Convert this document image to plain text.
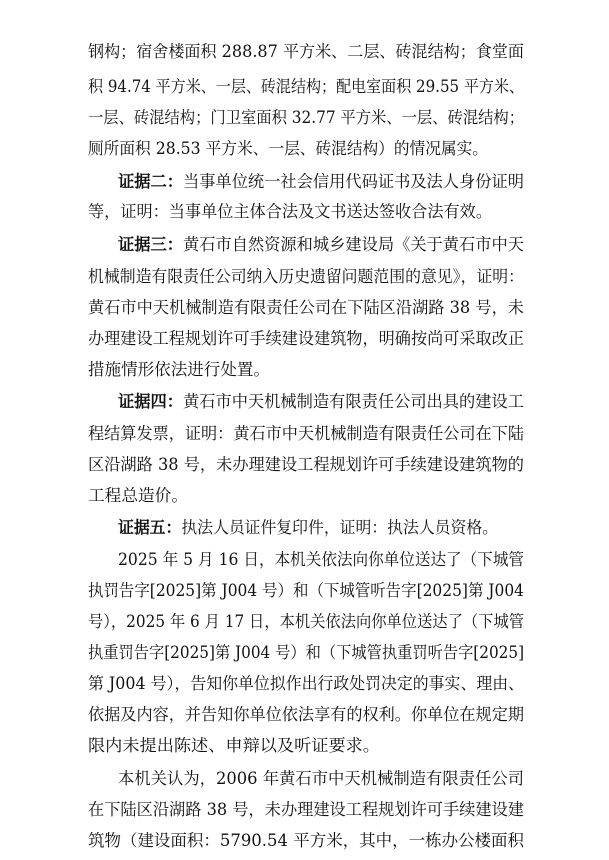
钢构；宿舍楼面积 288.87 平方米、二层、砖混结构；食堂面
积 94.74 平方米、一层、砖混结构；配电室面积 29.55 平方米、
一层、砖混结构；门卫室面积 32.77 平方米、一层、砖混结构；
厕所面积 28.53 平方米、一层、砖混结构）的情况属实。
证据二：当事单位统一社会信用代码证书及法人身份证明
等，证明：当事单位主体合法及文书送达签收合法有效。
证据三：黄石市自然资源和城乡建设局《关于黄石市中天
机械制造有限责任公司纳入历史遗留问题范围的意见》，证明：
黄石市中天机械制造有限责任公司在下陆区沿湖路 38 号，未
办理建设工程规划许可手续建设建筑物，明确按尚可采取改正
措施情形依法进行处置。
证据四：黄石市中天机械制造有限责任公司出具的建设工
程结算发票，证明：黄石市中天机械制造有限责任公司在下陆
区沿湖路 38 号，未办理建设工程规划许可手续建设建筑物的
工程总造价。
证据五：执法人员证件复印件，证明：执法人员资格。
2025 年 5 月 16 日，本机关依法向你单位送达了（下城管
执罚告字[2025]第 J004 号）和（下城管听告字[2025]第 J004
号），2025 年 6 月 17 日，本机关依法向你单位送达了（下城管
执重罚告字[2025]第 J004 号）和（下城管执重罚听告字[2025]
第 J004 号），告知你单位拟作出行政处罚决定的事实、理由、
依据及内容，并告知你单位依法享有的权利。你单位在规定期
限内未提出陈述、申辩以及听证要求。
本机关认为，2006 年黄石市中天机械制造有限责任公司
在下陆区沿湖路 38 号，未办理建设工程规划许可手续建设建
筑物（建设面积：5790.54 平方米，其中，一栋办公楼面积
